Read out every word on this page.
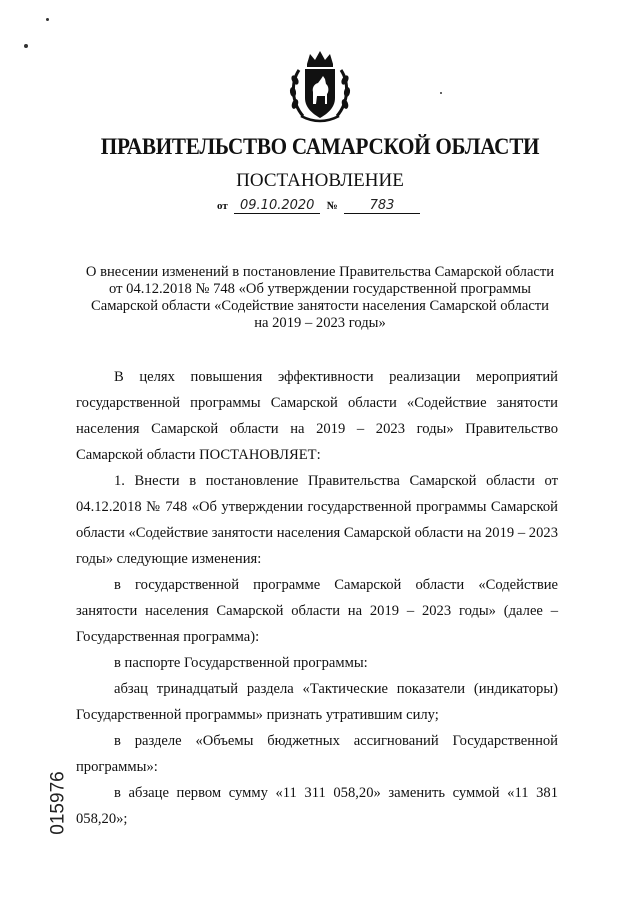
ПРАВИТЕЛЬСТВО САМАРСКОЙ ОБЛАСТИ
ПОСТАНОВЛЕНИЕ
от 09.10.2020 № 783
О внесении изменений в постановление Правительства Самарской области
от 04.12.2018 № 748 «Об утверждении государственной программы
Самарской области «Содействие занятости населения Самарской области
на 2019 – 2023 годы»

В целях повышения эффективности реализации мероприятий государственной программы Самарской области «Содействие занятости населения Самарской области на 2019 – 2023 годы» Правительство Самарской области ПОСТАНОВЛЯЕТ:

1. Внести в постановление Правительства Самарской области от 04.12.2018 № 748 «Об утверждении государственной программы Самарской области «Содействие занятости населения Самарской области на 2019 – 2023 годы» следующие изменения:

в государственной программе Самарской области «Содействие занятости населения Самарской области на 2019 – 2023 годы» (далее – Государственная программа):

в паспорте Государственной программы:

абзац тринадцатый раздела «Тактические показатели (индикаторы) Государственной программы» признать утратившим силу;

в разделе «Объемы бюджетных ассигнований Государственной программы»:

в абзаце первом сумму «11 311 058,20» заменить суммой «11 381 058,20»;

015976
